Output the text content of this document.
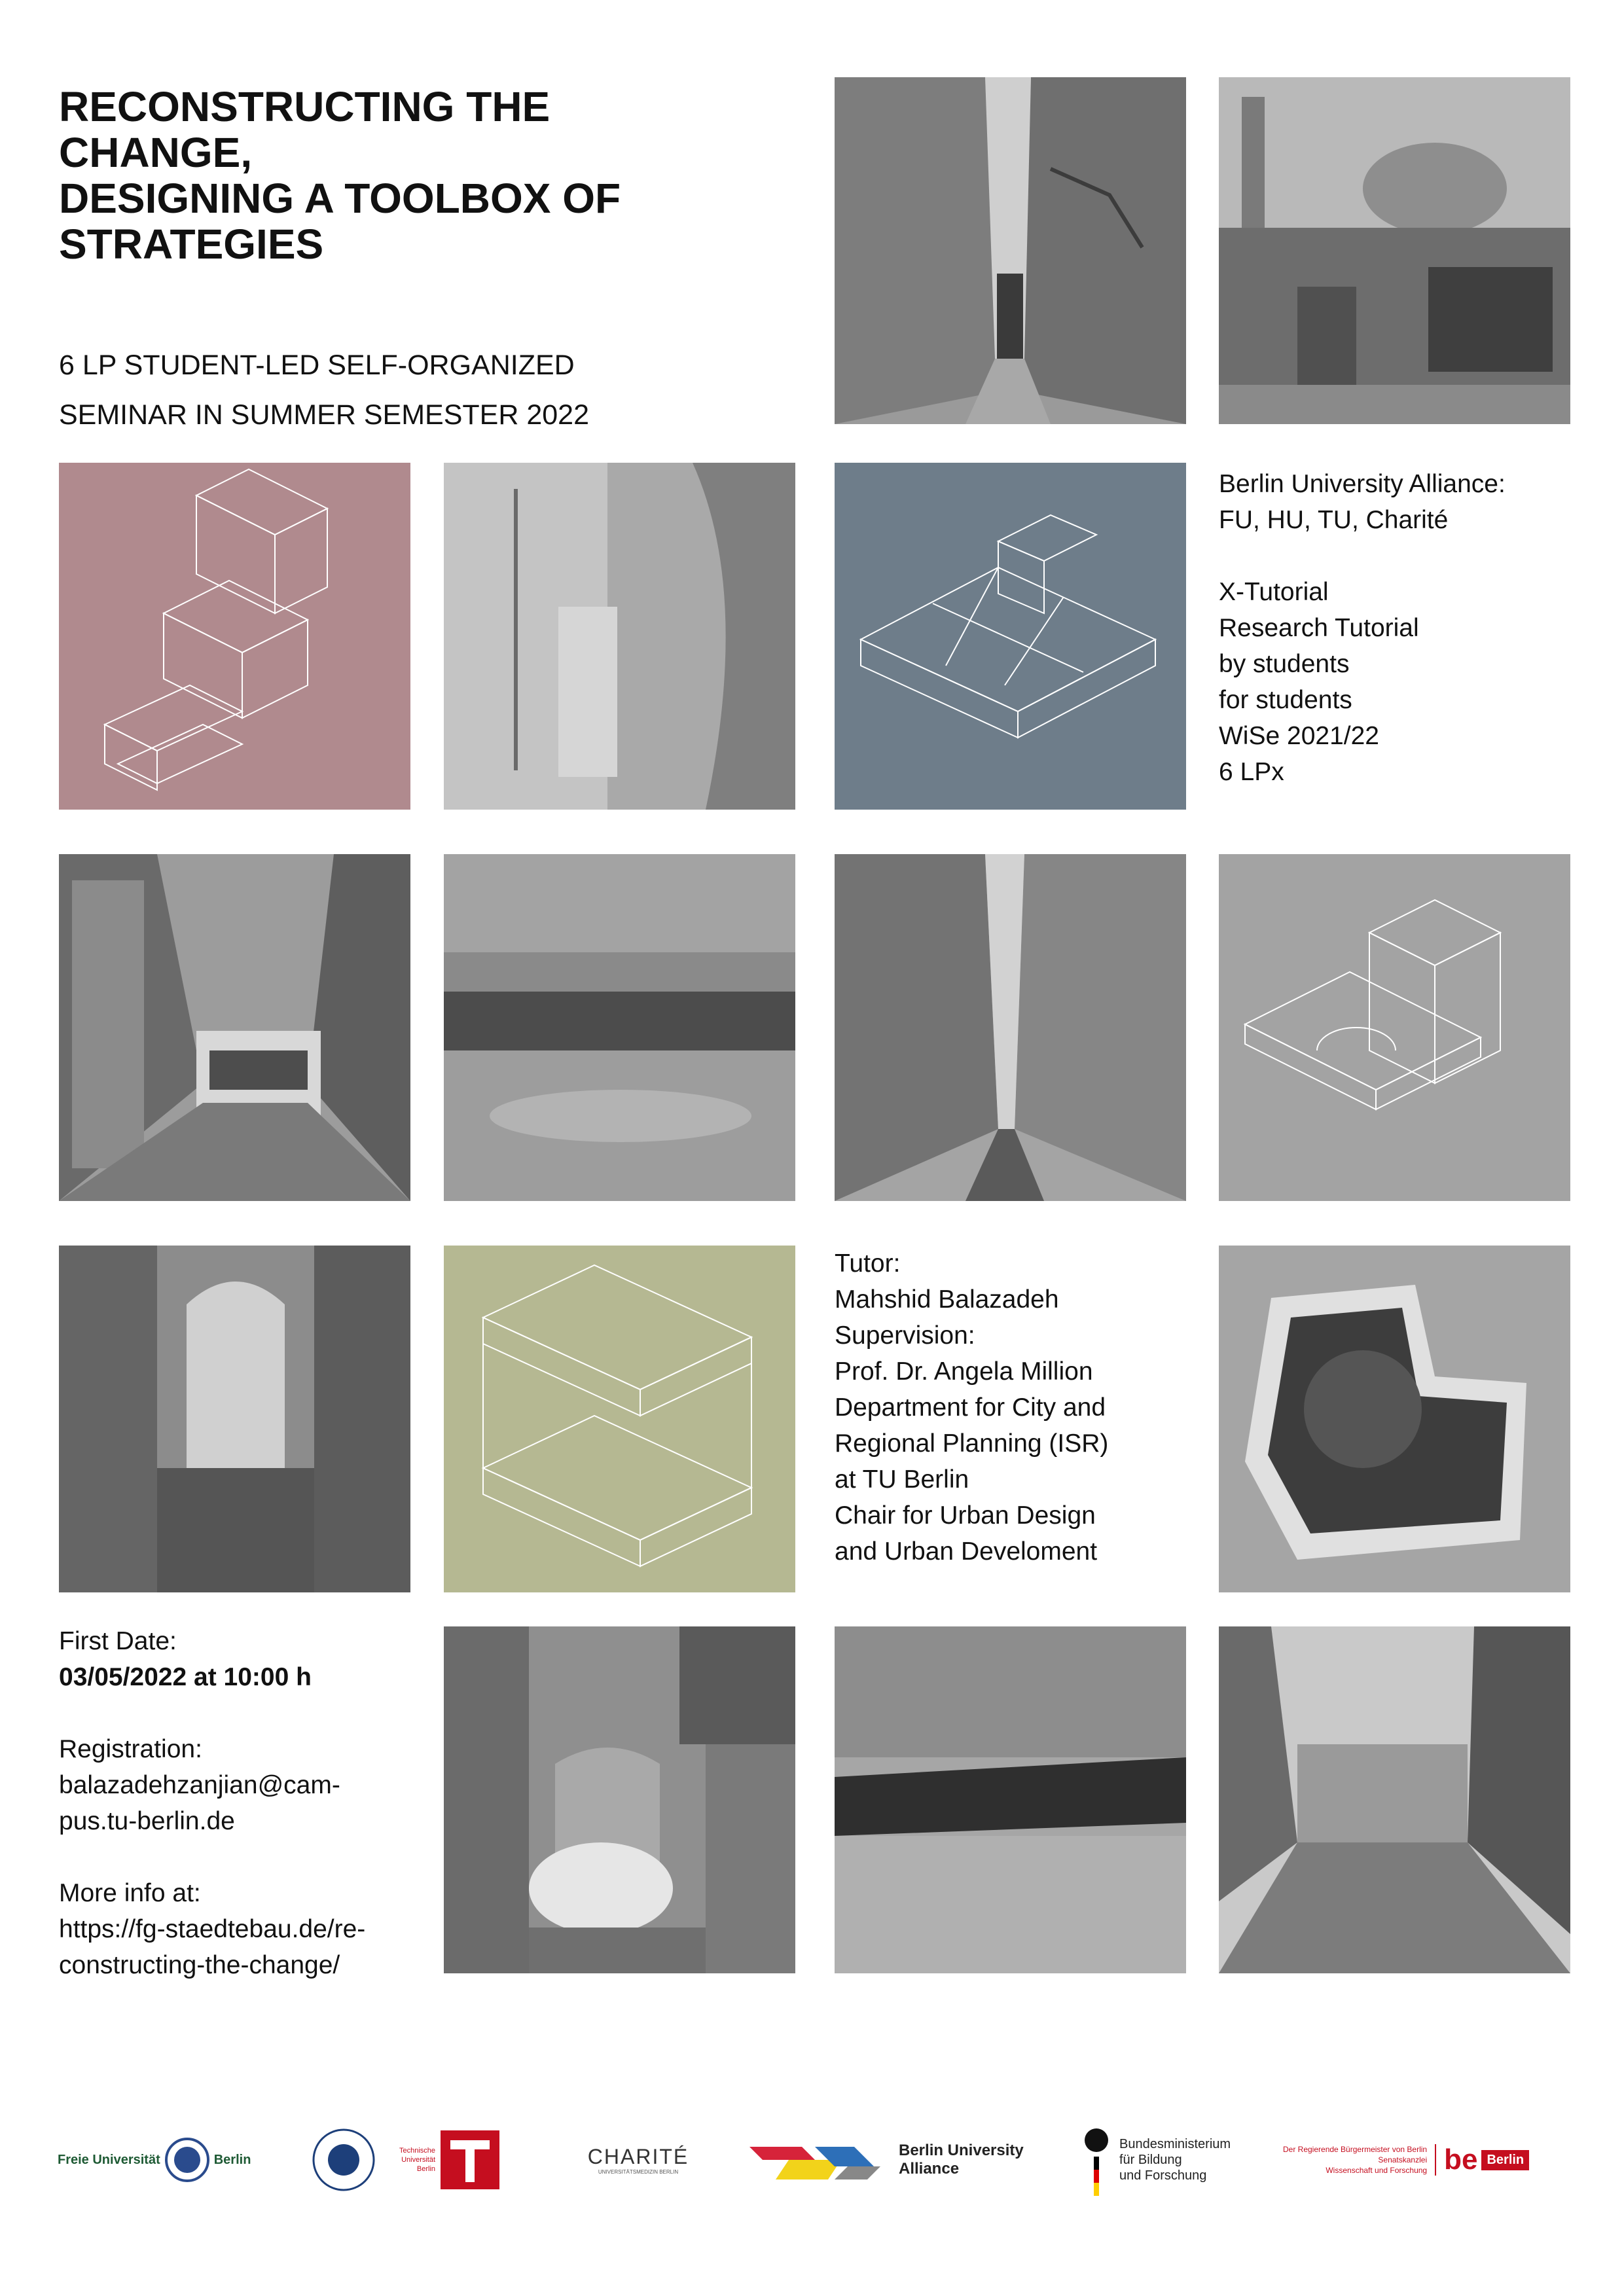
RECONSTRUCTING THE
CHANGE,
DESIGNING A TOOLBOX OF
STRATEGIES
6 LP STUDENT-LED SELF-ORGANIZED
SEMINAR IN SUMMER SEMESTER 2022
Berlin University Alliance:
FU, HU, TU, Charité
X-Tutorial
Research Tutorial
by students
for students
WiSe 2021/22
6 LPx
Tutor:
Mahshid Balazadeh
Supervision:
Prof. Dr. Angela Million
Department for City and
Regional Planning (ISR)
at TU Berlin
Chair for Urban Design
and Urban Develoment
First Date:
03/05/2022 at 10:00 h
Registration:
balazadehzanjian@cam-
pus.tu-berlin.de
More info at:
https://fg-staedtebau.de/re-
constructing-the-change/
Freie Universität	Berlin
Technische
Universität
Berlin
CHARITÉ
UNIVERSITÄTSMEDIZIN BERLIN
Berlin University
Alliance
Bundesministerium
für Bildung
und Forschung
Der Regierende Bürgermeister von Berlin
Senatskanzlei
Wissenschaft und Forschung be Berlin
